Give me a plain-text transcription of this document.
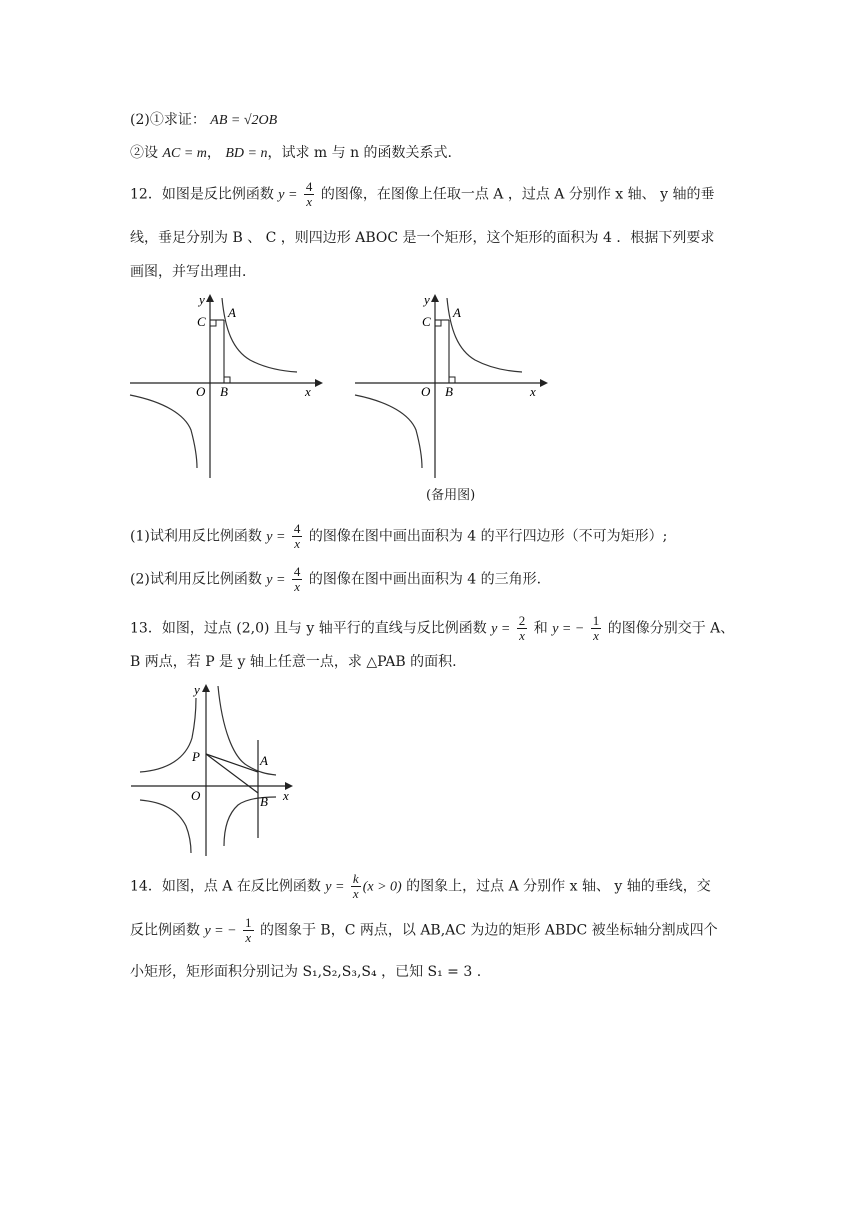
(2)①求证： AB = √2OB
②设 AC = m， BD = n，试求 m 与 n 的函数关系式.
12．如图是反比例函数 $y = \frac{4}{x}$ 的图像，在图像上任取一点 A ，过点 A 分别作 x 轴、 y 轴的垂
线，垂足分别为 B 、 C ，则四边形 ABOC 是一个矩形，这个矩形的面积为 4 ．根据下列要求
画图，并写出理由．
y
x
O B
C
A
y
x
O B
C
A
(备用图)
(1)试利用反比例函数 $y = \frac{4}{x}$ 的图像在图中画出面积为 4 的平行四边形（不可为矩形）;
(2)试利用反比例函数 $y = \frac{4}{x}$ 的图像在图中画出面积为 4 的三角形.
13．如图，过点 (2,0) 且与 y 轴平行的直线与反比例函数 $y = \frac{2}{x}$ 和 y = − $\frac{1}{x}$ 的图像分别交于 A、
B 两点，若 P 是 y 轴上任意一点，求 △PAB 的面积.
y
x
O
P	A
B
14．如图，点 A 在反比例函数 $y = \frac{k}{x} (x > 0)$ 的图象上，过点 A 分别作 x 轴、 y 轴的垂线，交
反比例函数 y = − $\frac{1}{x}$ 的图象于 B，C 两点，以 AB,AC 为边的矩形 ABDC 被坐标轴分割成四个
小矩形，矩形面积分别记为 S₁,S₂,S₃,S₄ ，已知 S₁ = 3 .
